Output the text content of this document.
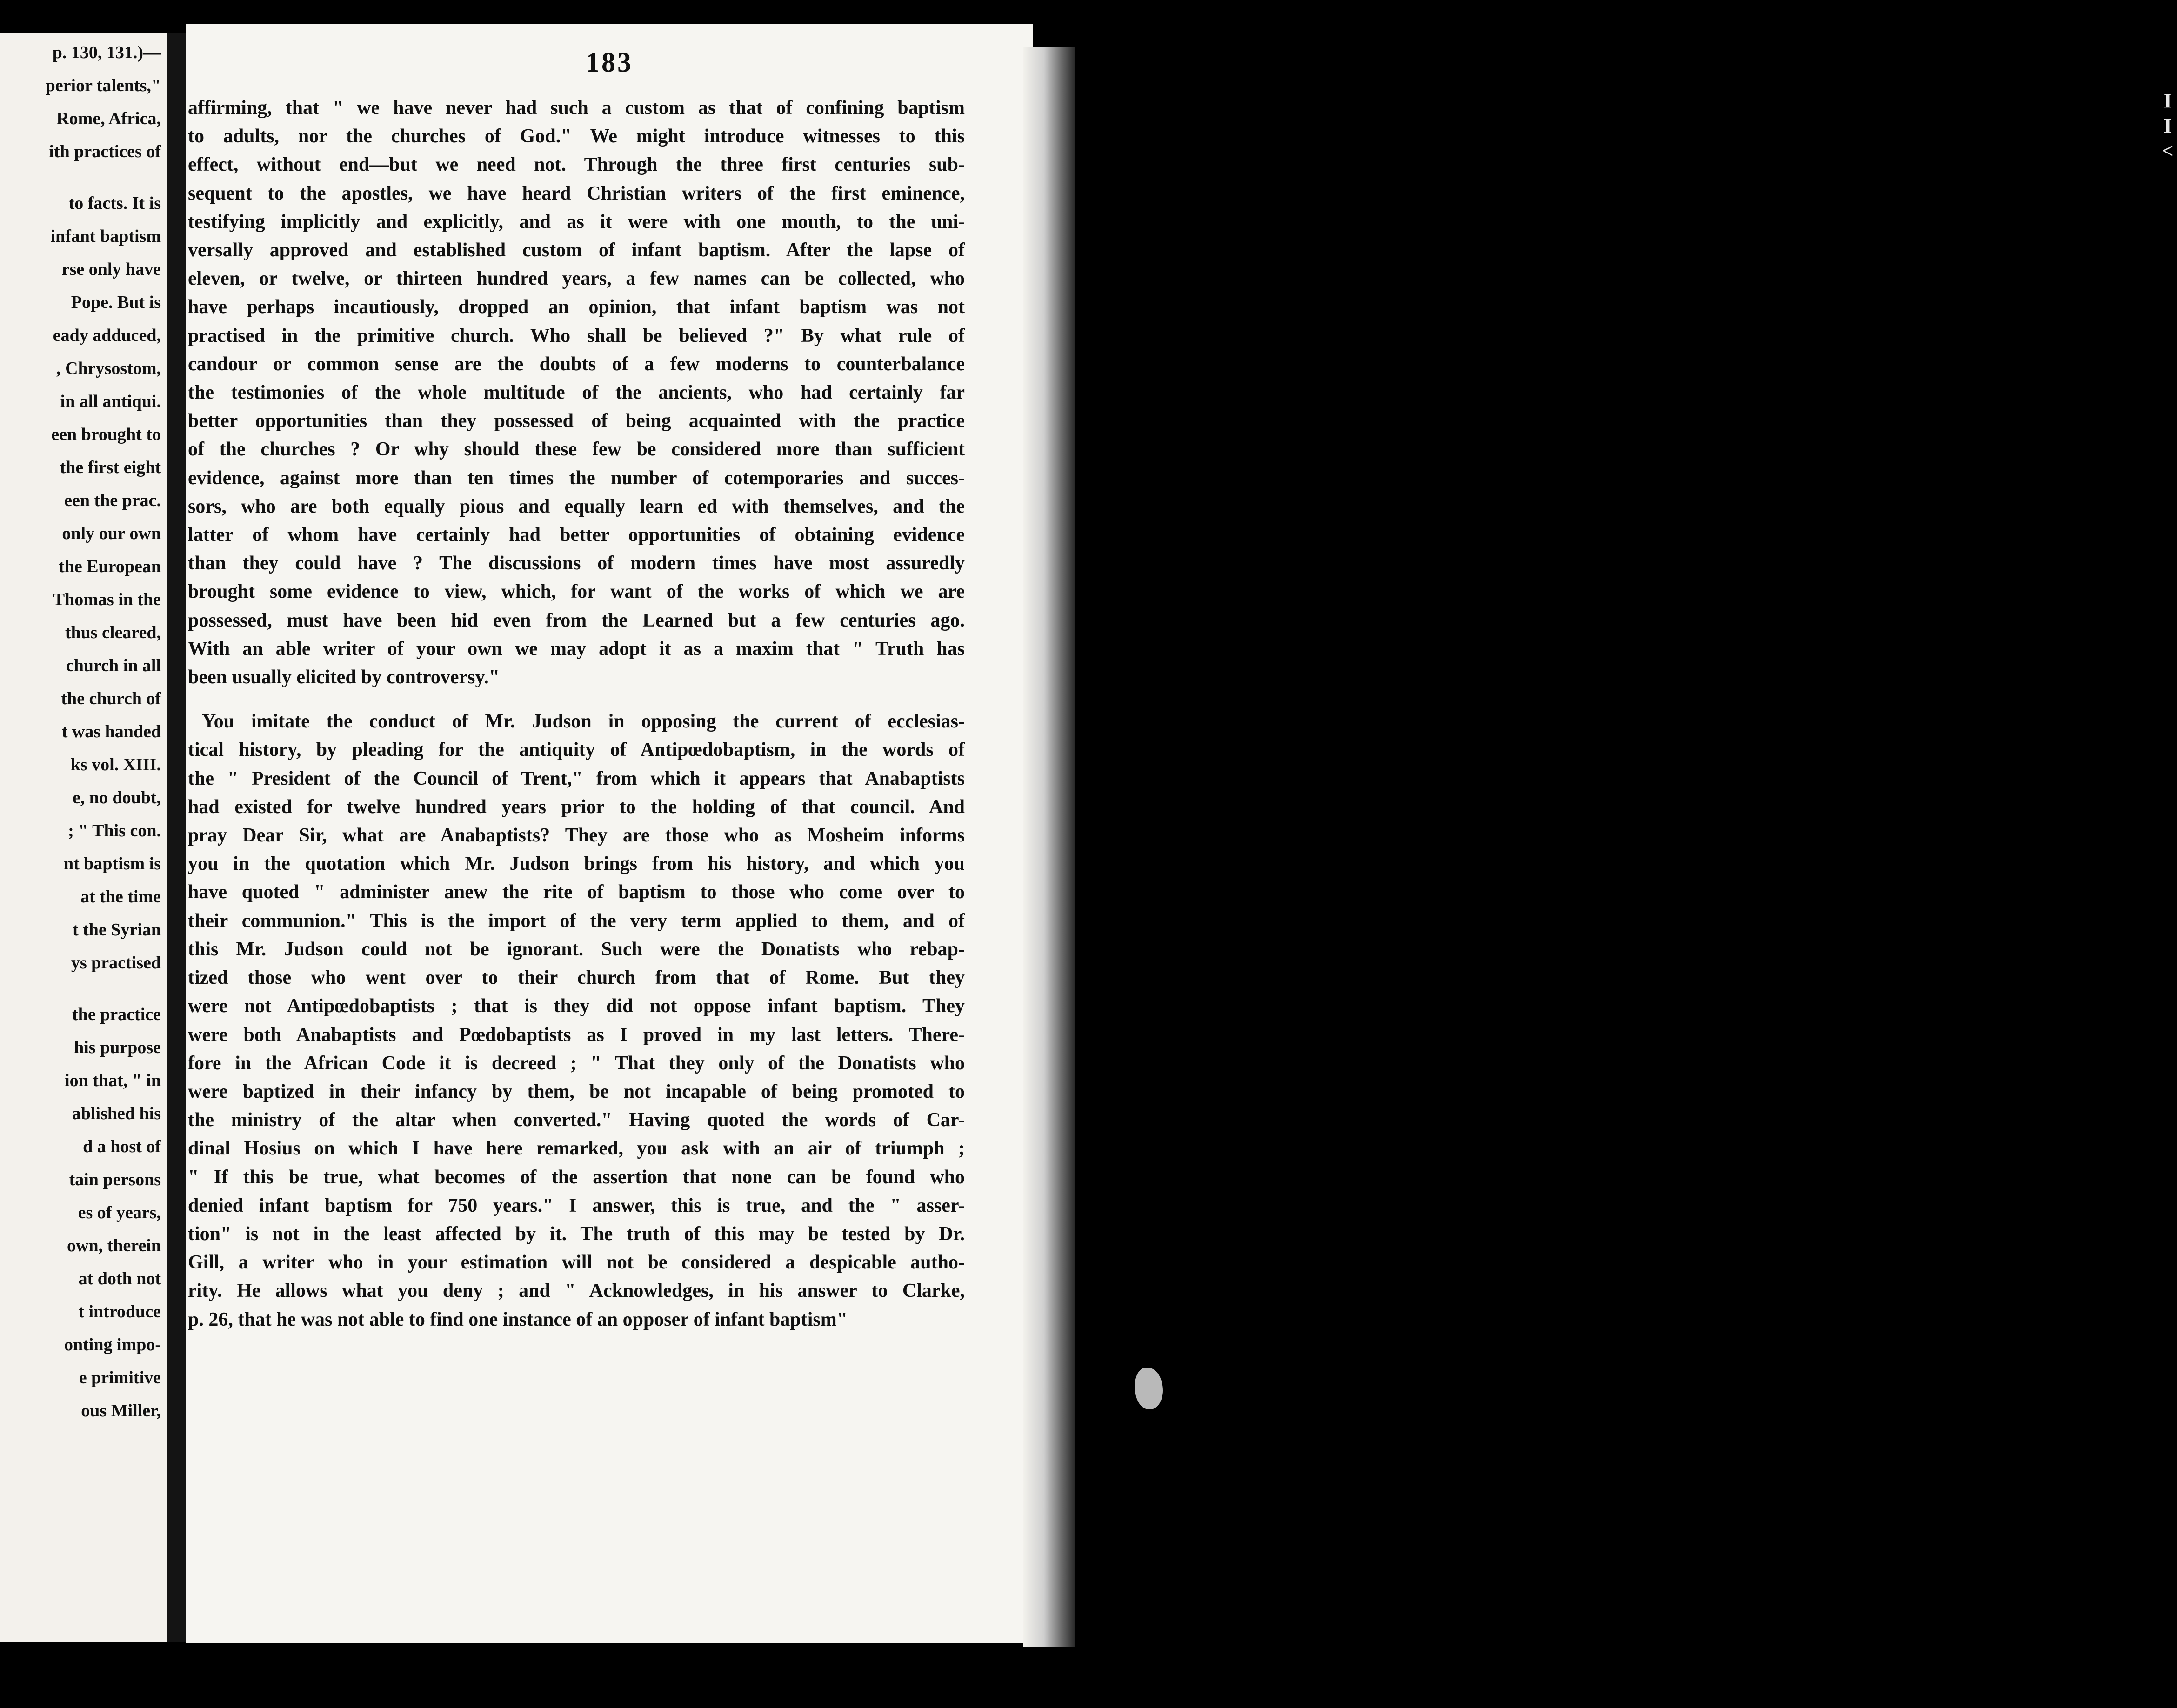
p. 130, 131.)—
perior talents,"
Rome, Africa,
ith practices of
to facts. It is
infant baptism
rse only have
Pope. But is
eady adduced,
, Chrysostom,
in all antiqui.
een brought to
the first eight
een the prac.
only our own
the European
Thomas in the
thus cleared,
church in all
the church of
t was handed
ks vol. XIII.
e, no doubt,
; " This con.
nt baptism is
at the time
t the Syrian
ys practised
the practice
his purpose
ion that, " in
ablished his
d a host of
tain persons
es of years,
own, therein
at doth not
t introduce
onting impo-
e primitive
ous Miller,
183
affirming, that " we have never had such a custom as that of confining baptism
to adults, nor the churches of God." We might introduce witnesses to this
effect, without end—but we need not. Through the three first centuries sub-
sequent to the apostles, we have heard Christian writers of the first eminence,
testifying implicitly and explicitly, and as it were with one mouth, to the uni-
versally approved and established custom of infant baptism. After the lapse of
eleven, or twelve, or thirteen hundred years, a few names can be collected, who
have perhaps incautiously, dropped an opinion, that infant baptism was not
practised in the primitive church. Who shall be believed ?" By what rule of
candour or common sense are the doubts of a few moderns to counterbalance
the testimonies of the whole multitude of the ancients, who had certainly far
better opportunities than they possessed of being acquainted with the practice
of the churches ? Or why should these few be considered more than sufficient
evidence, against more than ten times the number of cotemporaries and succes-
sors, who are both equally pious and equally learn ed with themselves, and the
latter of whom have certainly had better opportunities of obtaining evidence
than they could have ? The discussions of modern times have most assuredly
brought some evidence to view, which, for want of the works of which we are
possessed, must have been hid even from the Learned but a few centuries ago.
With an able writer of your own we may adopt it as a maxim that " Truth has
been usually elicited by controversy."
You imitate the conduct of Mr. Judson in opposing the current of ecclesias-
tical history, by pleading for the antiquity of Antipœdobaptism, in the words of
the " President of the Council of Trent," from which it appears that Anabaptists
had existed for twelve hundred years prior to the holding of that council. And
pray Dear Sir, what are Anabaptists? They are those who as Mosheim informs
you in the quotation which Mr. Judson brings from his history, and which you
have quoted " administer anew the rite of baptism to those who come over to
their communion." This is the import of the very term applied to them, and of
this Mr. Judson could not be ignorant. Such were the Donatists who rebap-
tized those who went over to their church from that of Rome. But they
were not Antipœdobaptists ; that is they did not oppose infant baptism. They
were both Anabaptists and Pœdobaptists as I proved in my last letters. There-
fore in the African Code it is decreed ; " That they only of the Donatists who
were baptized in their infancy by them, be not incapable of being promoted to
the ministry of the altar when converted." Having quoted the words of Car-
dinal Hosius on which I have here remarked, you ask with an air of triumph ;
" If this be true, what becomes of the assertion that none can be found who
denied infant baptism for 750 years." I answer, this is true, and the " asser-
tion" is not in the least affected by it. The truth of this may be tested by Dr.
Gill, a writer who in your estimation will not be considered a despicable autho-
rity. He allows what you deny ; and " Acknowledges, in his answer to Clarke,
p. 26, that he was not able to find one instance of an opposer of infant baptism"
I
I
<
